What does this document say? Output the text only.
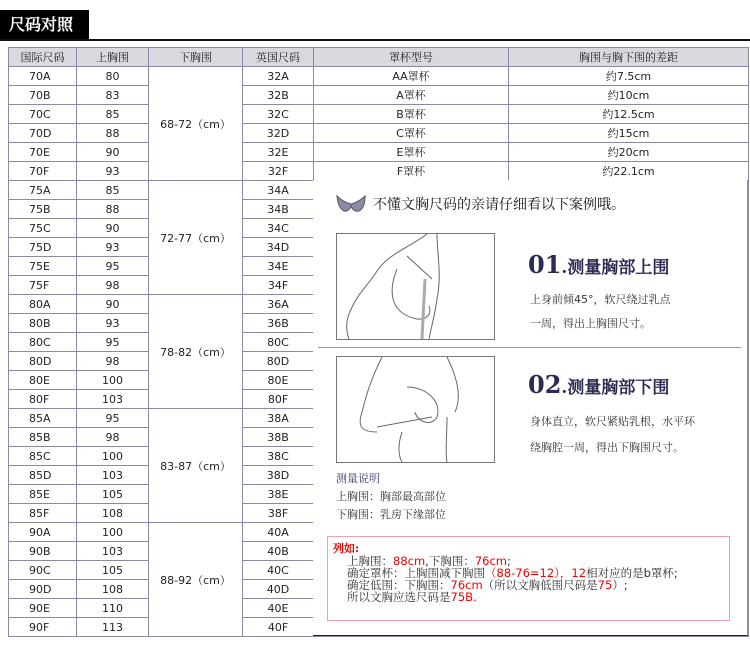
尺码对照
国际尺码	上胸围	下胸围	英国尺码	罩杯型号	胸围与胸下围的差距
70A	80	68-72（cm）	32A	AA罩杯	约7.5cm
70B	83		32B	A罩杯	约10cm
70C	85		32C	B罩杯	约12.5cm
70D	88		32D	C罩杯	约15cm
70E	90		32E	E罩杯	约20cm
70F	93		32F	F罩杯	约22.1cm
75A	85	72-77（cm）	34A		
75B	88		34B		
75C	90		34C		
75D	93		34D		
75E	95		34E		
75F	98		34F		
80A	90	78-82（cm）	36A		
80B	93		36B		
80C	95		80C		
80D	98		80D		
80E	100		80E		
80F	103		80F		
85A	95	83-87（cm）	38A		
85B	98		38B		
85C	100		38C		
85D	103		38D		
85E	105		38E		
85F	108		38F		
90A	100	88-92（cm）	40A		
90B	103		40B		
90C	105		40C		
90D	108		40D		
90E	110		40E		
90F	113		40F		
不懂文胸尺码的亲请仔细看以下案例哦。
01.测量胸部上围
上身前倾45°，软尺绕过乳点
一周，得出上胸围尺寸。
02.测量胸部下围
身体直立，软尺紧贴乳根，水平环
绕胸腔一周，得出下胸围尺寸。
测量说明
上胸围：胸部最高部位
下胸围：乳房下缘部位
列如:
上胸围：88cm,下胸围：76cm;
确定罩杯：上胸围减下胸围（88-76=12），12相对应的是b罩杯;
确定低围：下胸围：76cm（所以文胸低围尺码是75）;
所以文胸应选尺码是75B.
